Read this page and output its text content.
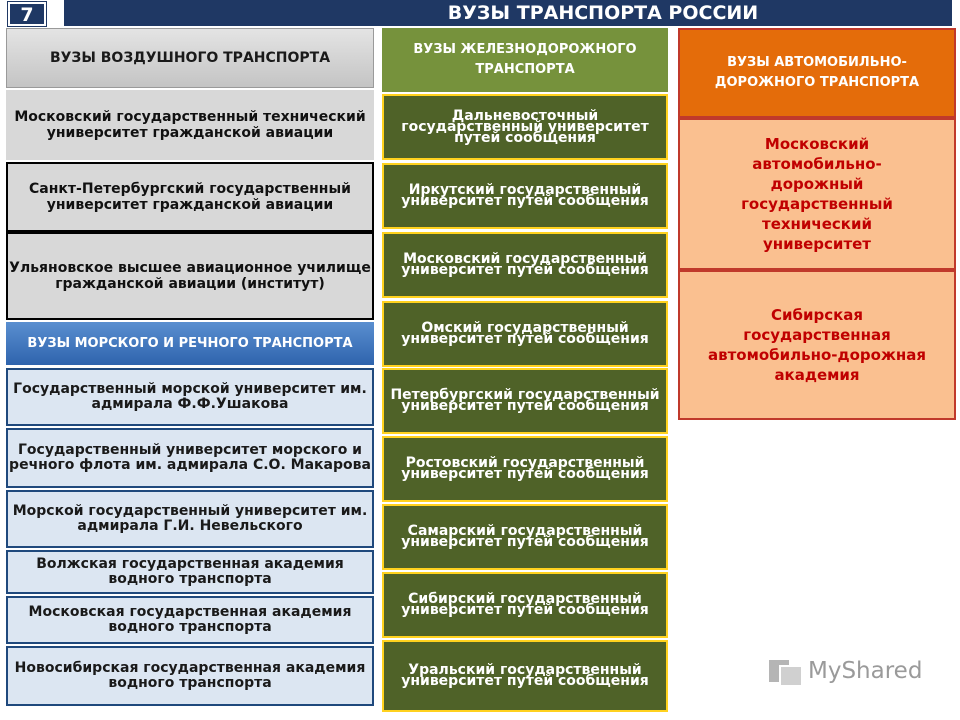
ВУЗЫ ТРАНСПОРТА РОССИИ
7
ВУЗЫ ВОЗДУШНОГО ТРАНСПОРТА
Московский государственный технический университет гражданской авиации
Санкт-Петербургский государственный университет гражданской авиации
Ульяновское высшее авиационное училище гражданской авиации (институт)
ВУЗЫ МОРСКОГО И РЕЧНОГО ТРАНСПОРТА
Государственный морской университет им. адмирала Ф.Ф.Ушакова
Государственный университет морского и речного флота им. адмирала С.О. Макарова
Морской государственный университет им. адмирала Г.И. Невельского
Волжская государственная академия водного транспорта
Московская государственная академия водного транспорта
Новосибирская государственная академия водного транспорта
ВУЗЫ ЖЕЛЕЗНОДОРОЖНОГО ТРАНСПОРТА
Дальневосточный государственный университет путей сообщения
Иркутский государственный университет путей сообщения
Московский государственный университет путей сообщения
Омский государственный университет путей сообщения
Петербургский государственный университет путей сообщения
Ростовский государственный университет путей сообщения
Самарский государственный университет путей сообщения
Сибирский государственный университет путей сообщения
Уральский государственный университет путей сообщения
ВУЗЫ АВТОМОБИЛЬНО-ДОРОЖНОГО ТРАНСПОРТА
Московский автомобильно-дорожный государственный технический университет
Сибирская государственная автомобильно-дорожная академия
MyShared
